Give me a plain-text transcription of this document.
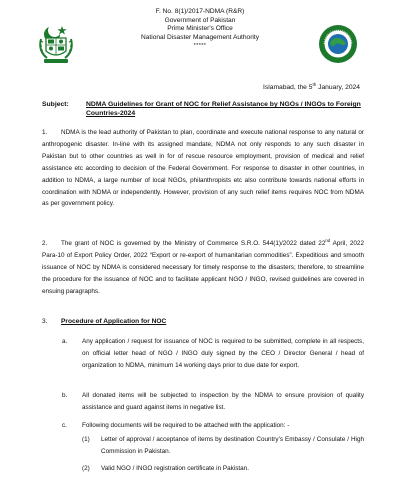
F. No. 8(1)/2017-NDMA (R&R)
Government of Pakistan
Prime Minister's Office
National Disaster Management Authority
*****
Islamabad, the 5th January, 2024
Subject:	NDMA Guidelines for Grant of NOC for Relief Assistance by NGOs / INGOs to Foreign Countries-2024
1. NDMA is the lead authority of Pakistan to plan, coordinate and execute national response to any natural or anthropogenic disaster. In-line with its assigned mandate, NDMA not only responds to any such disaster in Pakistan but to other countries as well in for of rescue resource employment, provision of medical and relief assistance etc according to decision of the Federal Government. For response to disaster in other countries, in addition to NDMA, a large number of local NGOs, philanthropists etc also contribute towards national efforts in coordination with NDMA or independently. However, provision of any such relief items requires NOC from NDMA as per government policy.
2. The grant of NOC is governed by the Ministry of Commerce S.R.O. 544(1)/2022 dated 22nd April, 2022 Para-10 of Export Policy Order, 2022 “Export or re-export of humanitarian commodities”. Expeditious and smooth issuance of NOC by NDMA is considered necessary for timely response to the disasters; therefore, to streamline the procedure for the issuance of NOC and to facilitate applicant NGO / INGO, revised guidelines are covered in ensuing paragraphs.
3. Procedure of Application for NOC
a. Any application / request for issuance of NOC is required to be submitted, complete in all respects, on official letter head of NGO / INGO duly signed by the CEO / Director General / head of organization to NDMA, minimum 14 working days prior to due date for export.
b. All donated items will be subjected to inspection by the NDMA to ensure provision of quality assistance and guard against items in negative list.
c. Following documents will be required to be attached with the application: -
(1) Letter of approval / acceptance of items by destination Country’s Embassy / Consulate / High Commission in Pakistan.
(2) Valid NGO / INGO registration certificate in Pakistan.
